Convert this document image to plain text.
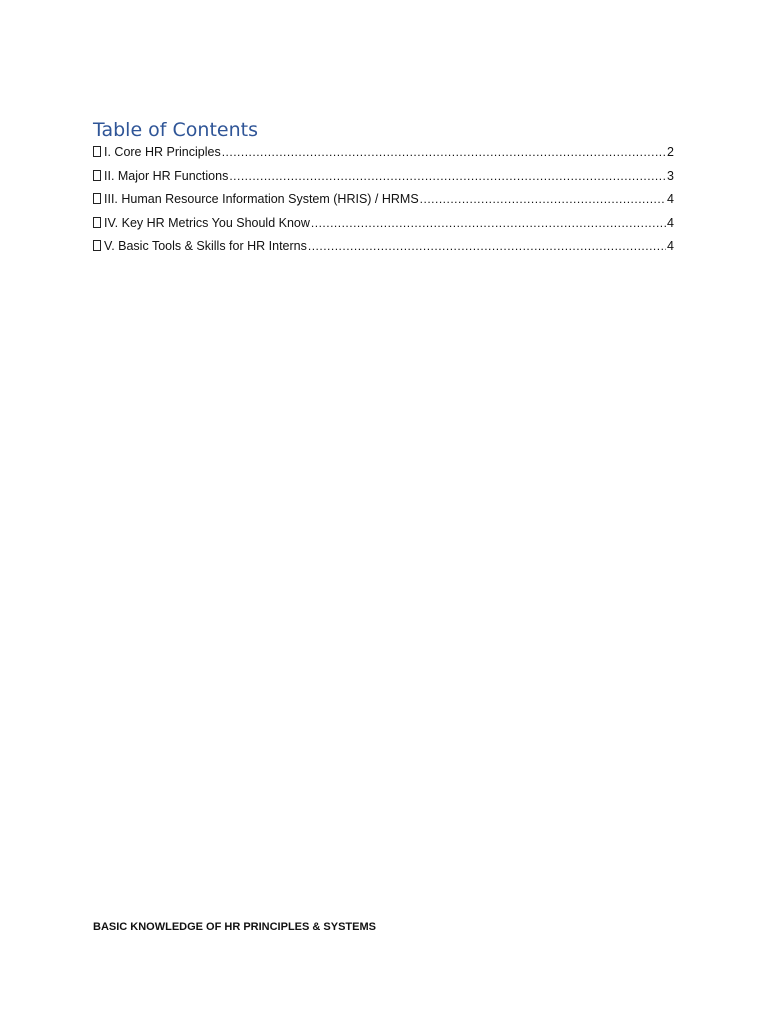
Table of Contents
I. Core HR Principles .....	2
II. Major HR Functions .....	3
III. Human Resource Information System (HRIS) / HRMS .....	4
IV. Key HR Metrics You Should Know .....	4
V. Basic Tools & Skills for HR Interns .....	4

BASIC KNOWLEDGE OF HR PRINCIPLES & SYSTEMS
